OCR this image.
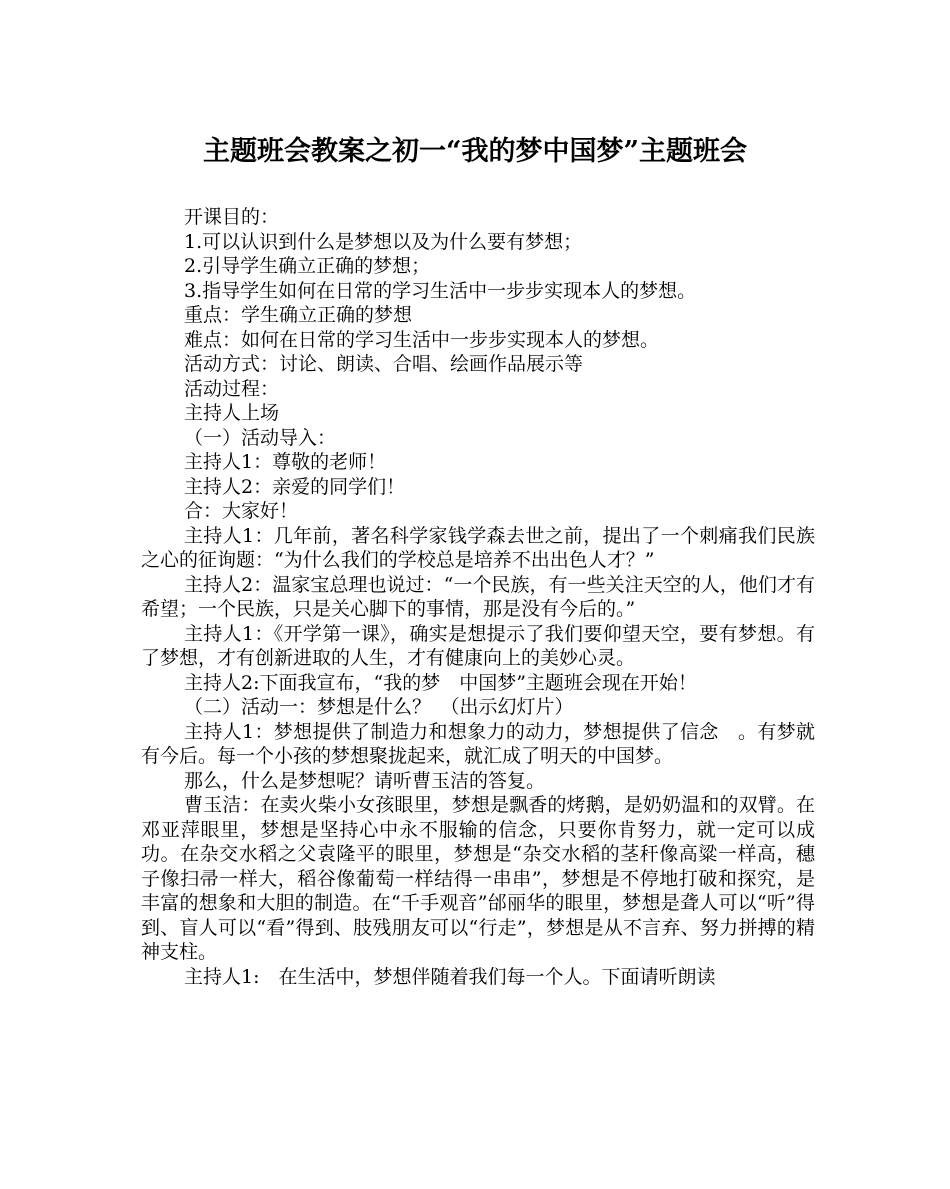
主题班会教案之初一“我的梦中国梦”主题班会

开课目的：

1.可以认识到什么是梦想以及为什么要有梦想；

2.引导学生确立正确的梦想；

3.指导学生如何在日常的学习生活中一步步实现本人的梦想。

重点：学生确立正确的梦想

难点：如何在日常的学习生活中一步步实现本人的梦想。

活动方式：讨论、朗读、合唱、绘画作品展示等

活动过程：

主持人上场

（一）活动导入：

主持人1：尊敬的老师！

主持人2：亲爱的同学们！

合：大家好！

主持人1：几年前，著名科学家钱学森去世之前，提出了一个刺痛我们民族之心的征询题：“为什么我们的学校总是培养不出出色人才？”

主持人2：温家宝总理也说过：“一个民族，有一些关注天空的人，他们才有希望；一个民族，只是关心脚下的事情，那是没有今后的。”

主持人1：《开学第一课》，确实是想提示了我们要仰望天空，要有梦想。有了梦想，才有创新进取的人生，才有健康向上的美妙心灵。

主持人2:下面我宣布，“我的梦　中国梦”主题班会现在开始！

（二）活动一：梦想是什么？　（出示幻灯片）

主持人1：梦想提供了制造力和想象力的动力，梦想提供了信念　。有梦就有今后。每一个小孩的梦想聚拢起来，就汇成了明天的中国梦。

那么，什么是梦想呢？请听曹玉洁的答复。

曹玉洁：在卖火柴小女孩眼里，梦想是飘香的烤鹅，是奶奶温和的双臂。在邓亚萍眼里，梦想是坚持心中永不服输的信念，只要你肯努力，就一定可以成功。在杂交水稻之父袁隆平的眼里，梦想是“杂交水稻的茎秆像高粱一样高，穗子像扫帚一样大，稻谷像葡萄一样结得一串串”，梦想是不停地打破和探究，是丰富的想象和大胆的制造。在“千手观音”邰丽华的眼里，梦想是聋人可以“听”得到、盲人可以“看”得到、肢残朋友可以“行走”，梦想是从不言弃、努力拼搏的精神支柱。

主持人1:　在生活中，梦想伴随着我们每一个人。下面请听朗读
